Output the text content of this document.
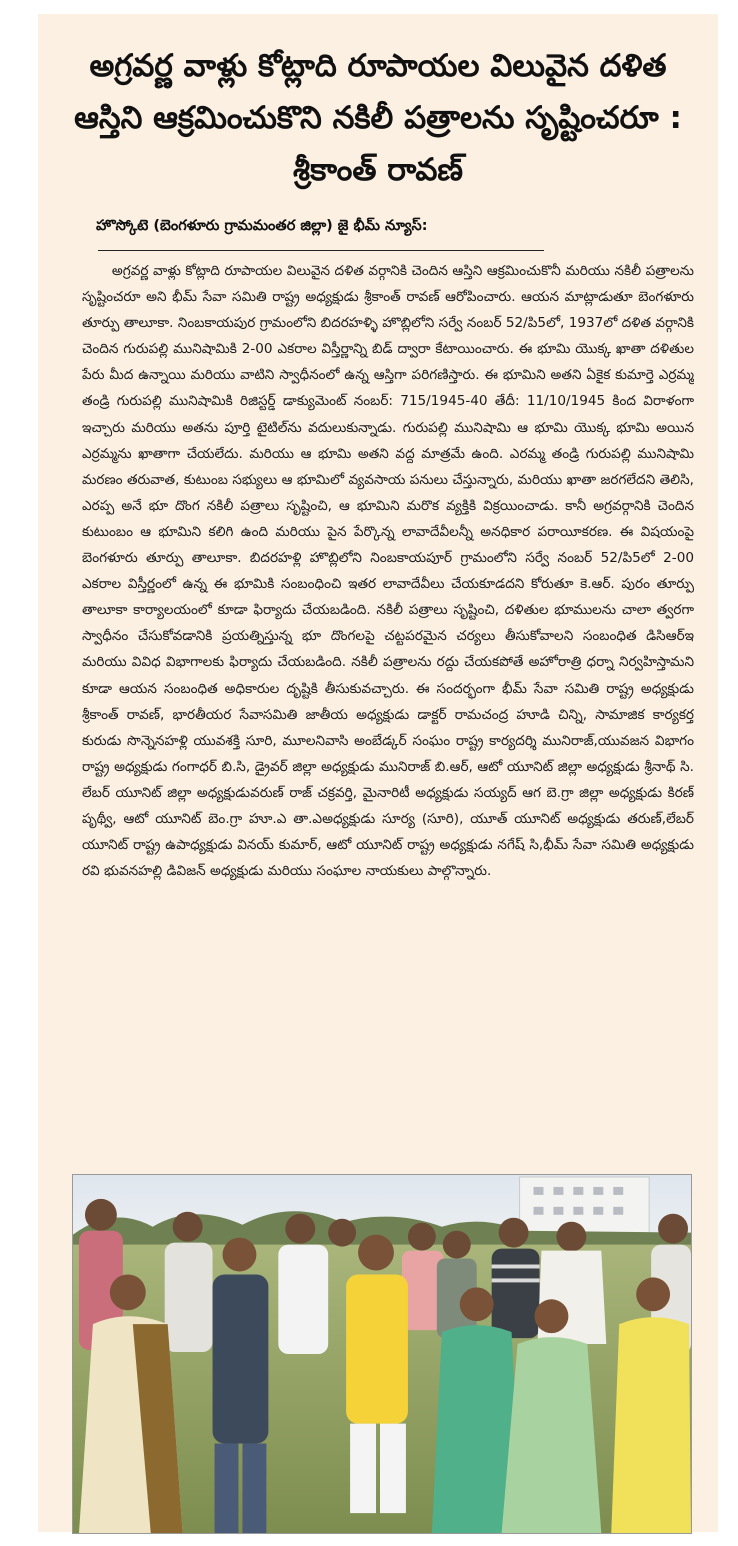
అగ్రవర్ణ వాళ్లు కోట్లాది రూపాయల విలువైన దళిత ఆస్తిని ఆక్రమించుకొని నకిలీ పత్రాలను సృష్టించరూ : శ్రీకాంత్ రావణ్
హొస్కోటె (బెంగళూరు గ్రామమంతర జిల్లా) జై భీమ్ న్యూస్:

అగ్రవర్ణ వాళ్లు కోట్లాది రూపాయల విలువైన దళిత వర్గానికి చెందిన ఆస్తిని ఆక్రమించుకొనీ మరియు నకిలీ పత్రాలను సృష్టించరూ అని భీమ్ సేవా సమితి రాష్ట్ర అధ్యక్షుడు శ్రీకాంత్ రావణ్ ఆరోపించారు. ఆయన మాట్లాడుతూ బెంగళూరు తూర్పు తాలూకా. నింబకాయపుర గ్రామంలోని బిదరహళ్ళి హొబ్లిలోని సర్వే నంబర్ 52/పి5లో, 1937లో దళిత వర్గానికి చెందిన గురుపల్లి మునిషామికి 2-00 ఎకరాల విస్తీర్ణాన్ని బిడ్ ద్వారా కేటాయించారు. ఈ భూమి యొక్క ఖాతా దళితుల పేరు మీద ఉన్నాయి మరియు వాటిని స్వాధీనంలో ఉన్న ఆస్తిగా పరిగణిస్తారు. ఈ భూమిని అతని ఏకైక కుమార్తె ఎర్రమ్మ తండ్రి గురుపల్లి మునిషామికి రిజిస్టర్డ్ డాక్యుమెంట్ నంబర్: 715/1945-40 తేదీ: 11/10/1945 కింద విరాళంగా ఇచ్చారు మరియు అతను పూర్తి టైటిల్‌ను వదులుకున్నాడు. గురుపల్లి మునిషామి ఆ భూమి యొక్క భూమి అయిన ఎర్రమ్మను ఖాతాగా చేయలేదు. మరియు ఆ భూమి అతని వద్ద మాత్రమే ఉంది. ఎరమ్మ తండ్రి గురుపల్లి మునిషామి మరణం తరువాత, కుటుంబ సభ్యులు ఆ భూమిలో వ్యవసాయ పనులు చేస్తున్నారు, మరియు ఖాతా జరగలేదని తెలిసి, ఎరప్ప అనే భూ దొంగ నకిలీ పత్రాలు సృష్టించి, ఆ భూమిని మరొక వ్యక్తికి విక్రయించాడు. కానీ అగ్రవర్గానికి చెందిన కుటుంబం ఆ భూమిని కలిగి ఉంది మరియు పైన పేర్కొన్న లావాదేవీలన్నీ అనధికార పరాయీకరణ. ఈ విషయంపై బెంగళూరు తూర్పు తాలూకా. బిదరహళ్లి హొబ్లిలోని నింబకాయపూర్ గ్రామంలోని సర్వే నంబర్ 52/పి5లో 2-00 ఎకరాల విస్తీర్ణంలో ఉన్న ఈ భూమికి సంబంధించి ఇతర లావాదేవీలు చేయకూడదని కోరుతూ కె.ఆర్. పురం తూర్పు తాలూకా కార్యాలయంలో కూడా ఫిర్యాదు చేయబడింది. నకిలీ పత్రాలు సృష్టించి, దళితుల భూములను చాలా త్వరగా స్వాధీనం చేసుకోవడానికి ప్రయత్నిస్తున్న భూ దొంగలపై చట్టపరమైన చర్యలు తీసుకోవాలని సంబంధిత డిసిఆర్ఇ మరియు వివిధ విభాగాలకు ఫిర్యాదు చేయబడింది. నకిలీ పత్రాలను రద్దు చేయకపోతే అహోరాత్రి ధర్నా నిర్వహిస్తామని కూడా ఆయన సంబంధిత అధికారుల దృష్టికి తీసుకువచ్చారు. ఈ సందర్భంగా భీమ్ సేవా సమితి రాష్ట్ర అధ్యక్షుడు శ్రీకాంత్ రావణ్, భారతీయర సేవాసమితి జాతీయ అధ్యక్షుడు డాక్టర్ రామచంద్ర హూడి చిన్ని, సామాజిక కార్యకర్త కురుడు సొన్నెనహళ్లి యువశక్తి సూరి, మూలనివాసి అంబేడ్కర్ సంఘం రాష్ట్ర కార్యదర్శి మునిరాజ్,యువజన విభాగం రాష్ట్ర అధ్యక్షుడు గంగాధర్ బి.సి, డ్రైవర్ జిల్లా అధ్యక్షుడు మునిరాజ్ బి.ఆర్, ఆటో యూనిట్ జిల్లా అధ్యక్షుడు శ్రీనాథ్ సి. లేబర్ యూనిట్ జిల్లా అధ్యక్షుడువరుణ్ రాజ్ చక్రవర్తి, మైనారిటీ అధ్యక్షుడు సయ్యద్ ఆగ బె.గ్రా జిల్లా అధ్యక్షుడు కిరణ్ పృథ్వీ, ఆటో యూనిట్ బెం.గ్రా హూ.ఎ తా.ఎఅధ్యక్షుడు సూర్య (సూరి), యూత్ యూనిట్ అధ్యక్షుడు తరుణ్,లేబర్ యూనిట్ రాష్ట్ర ఉపాధ్యక్షుడు వినయ్ కుమార్, ఆటో యూనిట్ రాష్ట్ర అధ్యక్షుడు నగేష్ సి,భీమ్ సేవా సమితి అధ్యక్షుడు రవి భువనహల్లి డివిజన్ అధ్యక్షుడు మరియు సంఘాల నాయకులు పాల్గొన్నారు.
